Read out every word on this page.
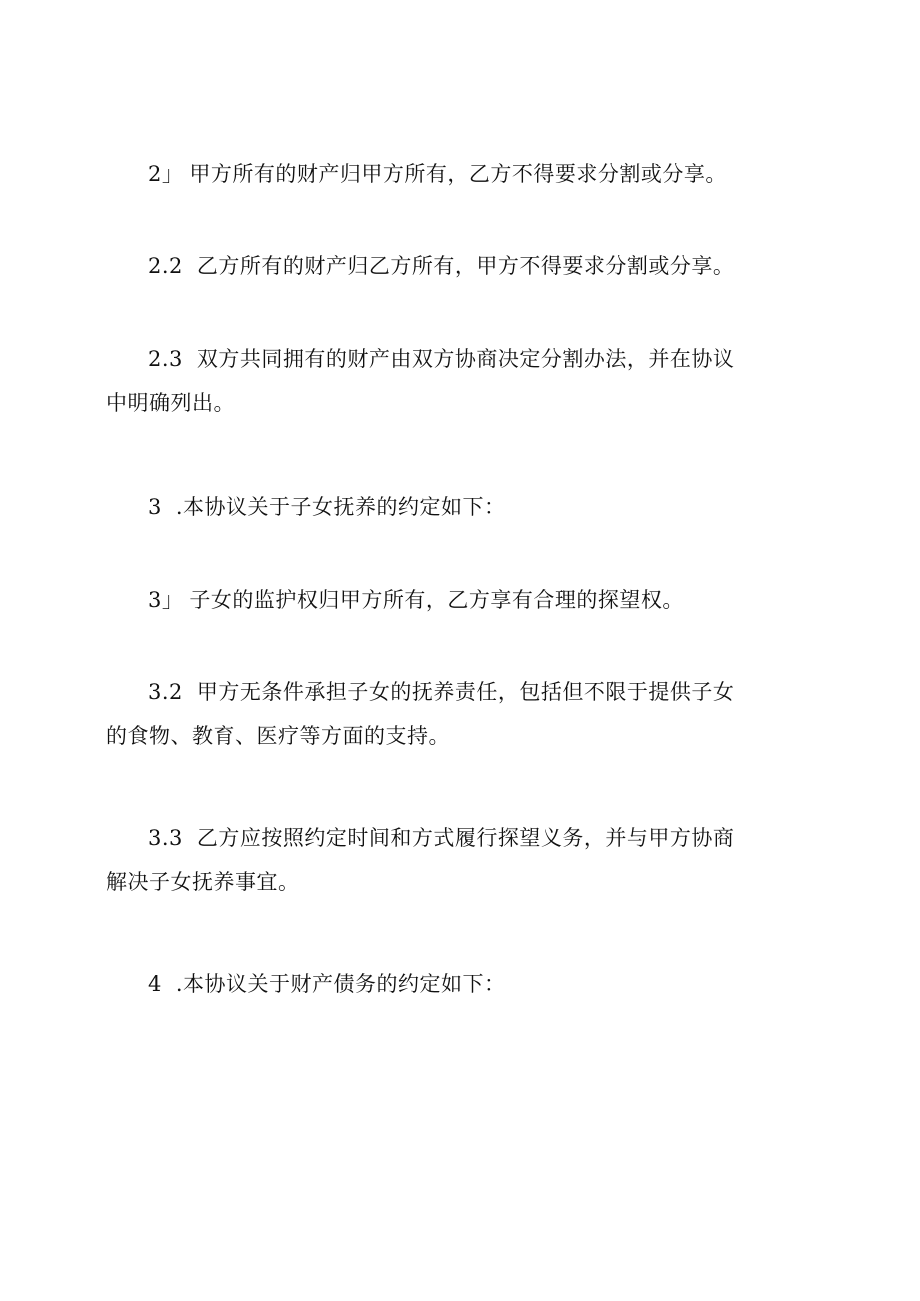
2」 甲方所有的财产归甲方所有，乙方不得要求分割或分享。
2.2 乙方所有的财产归乙方所有，甲方不得要求分割或分享。
2.3 双方共同拥有的财产由双方协商决定分割办法，并在协议
中明确列出。
3 .本协议关于子女抚养的约定如下：
3」 子女的监护权归甲方所有，乙方享有合理的探望权。
3.2 甲方无条件承担子女的抚养责任，包括但不限于提供子女
的食物、教育、医疗等方面的支持。
3.3 乙方应按照约定时间和方式履行探望义务，并与甲方协商
解决子女抚养事宜。
4 .本协议关于财产债务的约定如下：
